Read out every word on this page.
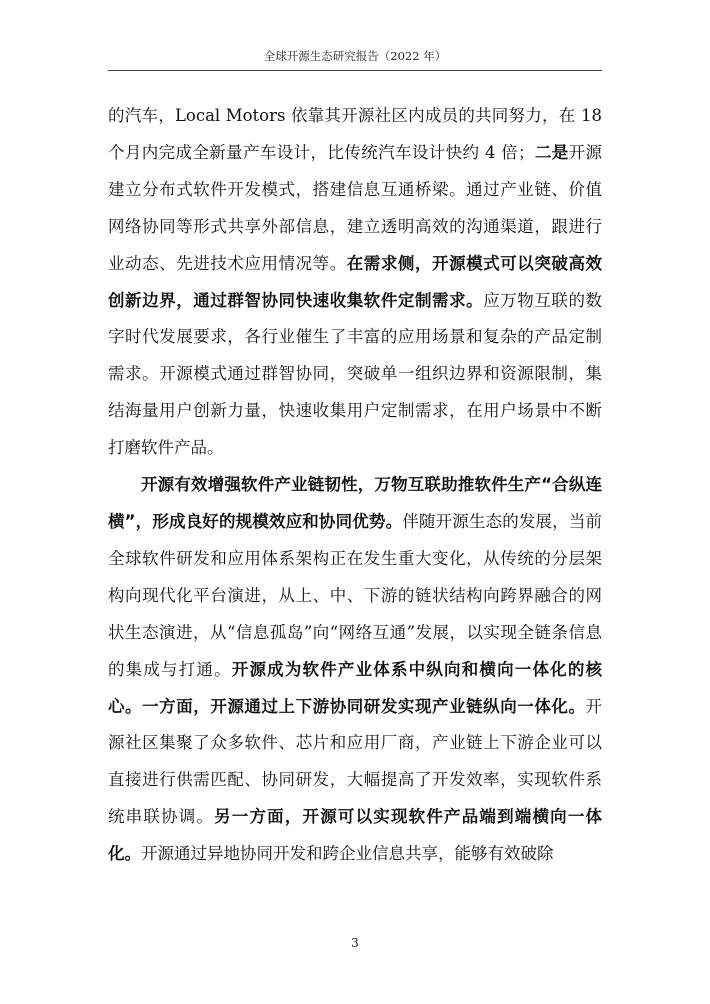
全球开源生态研究报告（2022 年）

的汽车，Local Motors 依靠其开源社区内成员的共同努力，在 18 个月内完成全新量产车设计，比传统汽车设计快约 4 倍；二是开源建立分布式软件开发模式，搭建信息互通桥梁。通过产业链、价值网络协同等形式共享外部信息，建立透明高效的沟通渠道，跟进行业动态、先进技术应用情况等。在需求侧，开源模式可以突破高效创新边界，通过群智协同快速收集软件定制需求。应万物互联的数字时代发展要求，各行业催生了丰富的应用场景和复杂的产品定制需求。开源模式通过群智协同，突破单一组织边界和资源限制，集结海量用户创新力量，快速收集用户定制需求，在用户场景中不断打磨软件产品。

开源有效增强软件产业链韧性，万物互联助推软件生产“合纵连横”，形成良好的规模效应和协同优势。伴随开源生态的发展，当前全球软件研发和应用体系架构正在发生重大变化，从传统的分层架构向现代化平台演进，从上、中、下游的链状结构向跨界融合的网状生态演进，从“信息孤岛”向“网络互通”发展，以实现全链条信息的集成与打通。开源成为软件产业体系中纵向和横向一体化的核心。一方面，开源通过上下游协同研发实现产业链纵向一体化。开源社区集聚了众多软件、芯片和应用厂商，产业链上下游企业可以直接进行供需匹配、协同研发，大幅提高了开发效率，实现软件系统串联协调。另一方面，开源可以实现软件产品端到端横向一体化。开源通过异地协同开发和跨企业信息共享，能够有效破除

3
